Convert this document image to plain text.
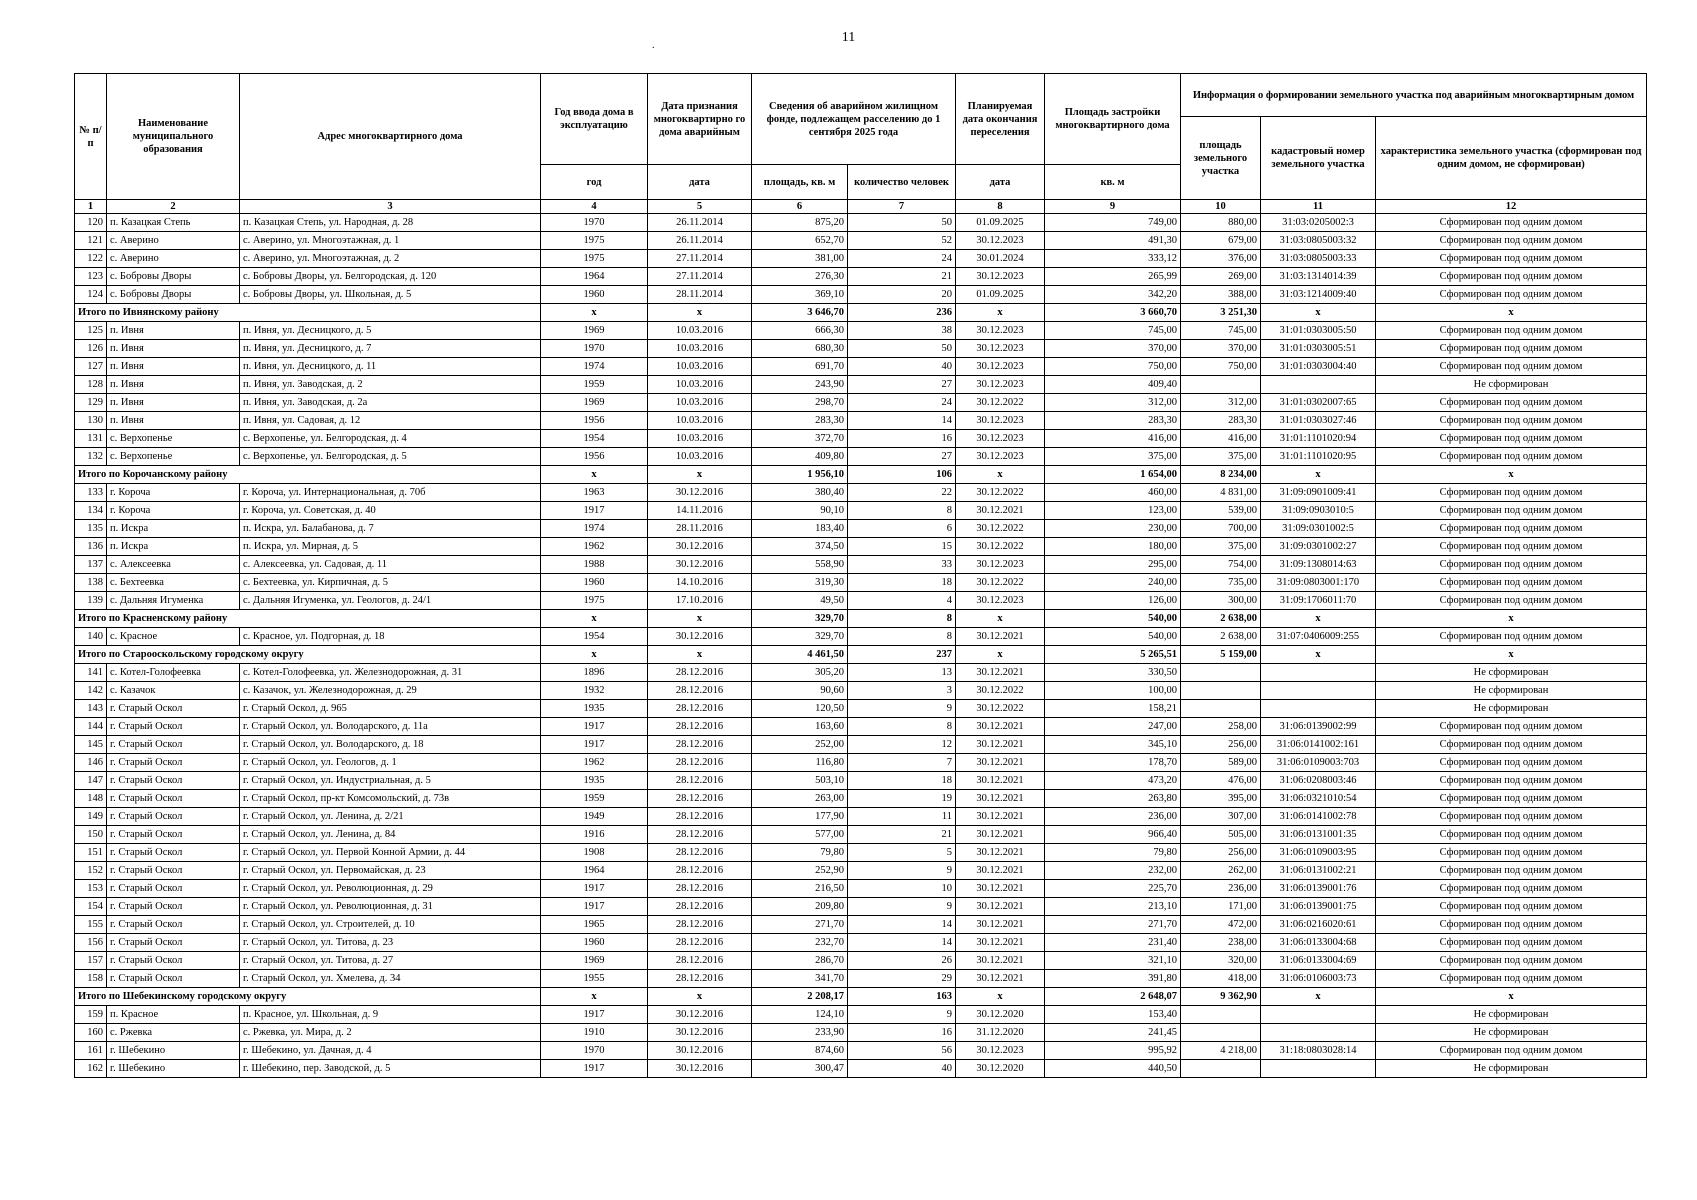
11
.
№ п/п	Наименование муниципального образования	Адрес многоквартирного дома	Год ввода дома в эксплуатацию	Дата признания многоквартирно го дома аварийным	Сведения об аварийном жилищном фонде, подлежащем расселению до 1 сентября 2025 года		Планируемая дата окончания переселения	Площадь застройки многоквартирного дома	Информация о формировании земельного участка под аварийным многоквартирным домом		
									площадь земельного участка	кадастровый номер земельного участка	характеристика земельного участка (сформирован под одним домом, не сформирован)
			год	дата	площадь, кв. м	количество человек	дата	кв. м			
1	2	3	4	5	6	7	8	9	10	11	12
120	п. Казацкая Степь	п. Казацкая Степь, ул. Народная, д. 28	1970	26.11.2014	875,20	50	01.09.2025	749,00	880,00	31:03:0205002:3	Сформирован под одним домом
121	с. Аверино	с. Аверино, ул. Многоэтажная, д. 1	1975	26.11.2014	652,70	52	30.12.2023	491,30	679,00	31:03:0805003:32	Сформирован под одним домом
122	с. Аверино	с. Аверино, ул. Многоэтажная, д. 2	1975	27.11.2014	381,00	24	30.01.2024	333,12	376,00	31:03:0805003:33	Сформирован под одним домом
123	с. Бобровы Дворы	с. Бобровы Дворы, ул. Белгородская, д. 120	1964	27.11.2014	276,30	21	30.12.2023	265,99	269,00	31:03:1314014:39	Сформирован под одним домом
124	с. Бобровы Дворы	с. Бобровы Дворы, ул. Школьная, д. 5	1960	28.11.2014	369,10	20	01.09.2025	342,20	388,00	31:03:1214009:40	Сформирован под одним домом
Итого по Ивнянскому району			x	x	3 646,70	236	x	3 660,70	3 251,30	x	x
125	п. Ивня	п. Ивня, ул. Десницкого, д. 5	1969	10.03.2016	666,30	38	30.12.2023	745,00	745,00	31:01:0303005:50	Сформирован под одним домом
126	п. Ивня	п. Ивня, ул. Десницкого, д. 7	1970	10.03.2016	680,30	50	30.12.2023	370,00	370,00	31:01:0303005:51	Сформирован под одним домом
127	п. Ивня	п. Ивня, ул. Десницкого, д. 11	1974	10.03.2016	691,70	40	30.12.2023	750,00	750,00	31:01:0303004:40	Сформирован под одним домом
128	п. Ивня	п. Ивня, ул. Заводская, д. 2	1959	10.03.2016	243,90	27	30.12.2023	409,40			Не сформирован
129	п. Ивня	п. Ивня, ул. Заводская, д. 2а	1969	10.03.2016	298,70	24	30.12.2022	312,00	312,00	31:01:0302007:65	Сформирован под одним домом
130	п. Ивня	п. Ивня, ул. Садовая, д. 12	1956	10.03.2016	283,30	14	30.12.2023	283,30	283,30	31:01:0303027:46	Сформирован под одним домом
131	с. Верхопенье	с. Верхопенье, ул. Белгородская, д. 4	1954	10.03.2016	372,70	16	30.12.2023	416,00	416,00	31:01:1101020:94	Сформирован под одним домом
132	с. Верхопенье	с. Верхопенье, ул. Белгородская, д. 5	1956	10.03.2016	409,80	27	30.12.2023	375,00	375,00	31:01:1101020:95	Сформирован под одним домом
Итого по Корочанскому району			x	x	1 956,10	106	x	1 654,00	8 234,00	x	x
133	г. Короча	г. Короча, ул. Интернациональная, д. 70б	1963	30.12.2016	380,40	22	30.12.2022	460,00	4 831,00	31:09:0901009:41	Сформирован под одним домом
134	г. Короча	г. Короча, ул. Советская, д. 40	1917	14.11.2016	90,10	8	30.12.2021	123,00	539,00	31:09:0903010:5	Сформирован под одним домом
135	п. Искра	п. Искра, ул. Балабанова, д. 7	1974	28.11.2016	183,40	6	30.12.2022	230,00	700,00	31:09:0301002:5	Сформирован под одним домом
136	п. Искра	п. Искра, ул. Мирная, д. 5	1962	30.12.2016	374,50	15	30.12.2022	180,00	375,00	31:09:0301002:27	Сформирован под одним домом
137	с. Алексеевка	с. Алексеевка, ул. Садовая, д. 11	1988	30.12.2016	558,90	33	30.12.2023	295,00	754,00	31:09:1308014:63	Сформирован под одним домом
138	с. Бехтеевка	с. Бехтеевка, ул. Кирпичная, д. 5	1960	14.10.2016	319,30	18	30.12.2022	240,00	735,00	31:09:0803001:170	Сформирован под одним домом
139	с. Дальняя Игуменка	с. Дальняя Игуменка, ул. Геологов, д. 24/1	1975	17.10.2016	49,50	4	30.12.2023	126,00	300,00	31:09:1706011:70	Сформирован под одним домом
Итого по Красненскому району			x	x	329,70	8	x	540,00	2 638,00	x	x
140	с. Красное	с. Красное, ул. Подгорная, д. 18	1954	30.12.2016	329,70	8	30.12.2021	540,00	2 638,00	31:07:0406009:255	Сформирован под одним домом
Итого по Старооскольскому городскому округу			x	x	4 461,50	237	x	5 265,51	5 159,00	x	x
141	с. Котел-Голофеевка	с. Котел-Голофеевка, ул. Железнодорожная, д. 31	1896	28.12.2016	305,20	13	30.12.2021	330,50			Не сформирован
142	с. Казачок	с. Казачок, ул. Железнодорожная, д. 29	1932	28.12.2016	90,60	3	30.12.2022	100,00			Не сформирован
143	г. Старый Оскол	г. Старый Оскол, д. 965	1935	28.12.2016	120,50	9	30.12.2022	158,21			Не сформирован
144	г. Старый Оскол	г. Старый Оскол, ул. Володарского, д. 11а	1917	28.12.2016	163,60	8	30.12.2021	247,00	258,00	31:06:0139002:99	Сформирован под одним домом
145	г. Старый Оскол	г. Старый Оскол, ул. Володарского, д. 18	1917	28.12.2016	252,00	12	30.12.2021	345,10	256,00	31:06:0141002:161	Сформирован под одним домом
146	г. Старый Оскол	г. Старый Оскол, ул. Геологов, д. 1	1962	28.12.2016	116,80	7	30.12.2021	178,70	589,00	31:06:0109003:703	Сформирован под одним домом
147	г. Старый Оскол	г. Старый Оскол, ул. Индустриальная, д. 5	1935	28.12.2016	503,10	18	30.12.2021	473,20	476,00	31:06:0208003:46	Сформирован под одним домом
148	г. Старый Оскол	г. Старый Оскол, пр-кт Комсомольский, д. 73в	1959	28.12.2016	263,00	19	30.12.2021	263,80	395,00	31:06:0321010:54	Сформирован под одним домом
149	г. Старый Оскол	г. Старый Оскол, ул. Ленина, д. 2/21	1949	28.12.2016	177,90	11	30.12.2021	236,00	307,00	31:06:0141002:78	Сформирован под одним домом
150	г. Старый Оскол	г. Старый Оскол, ул. Ленина, д. 84	1916	28.12.2016	577,00	21	30.12.2021	966,40	505,00	31:06:0131001:35	Сформирован под одним домом
151	г. Старый Оскол	г. Старый Оскол, ул. Первой Конной Армии, д. 44	1908	28.12.2016	79,80	5	30.12.2021	79,80	256,00	31:06:0109003:95	Сформирован под одним домом
152	г. Старый Оскол	г. Старый Оскол, ул. Первомайская, д. 23	1964	28.12.2016	252,90	9	30.12.2021	232,00	262,00	31:06:0131002:21	Сформирован под одним домом
153	г. Старый Оскол	г. Старый Оскол, ул. Революционная, д. 29	1917	28.12.2016	216,50	10	30.12.2021	225,70	236,00	31:06:0139001:76	Сформирован под одним домом
154	г. Старый Оскол	г. Старый Оскол, ул. Революционная, д. 31	1917	28.12.2016	209,80	9	30.12.2021	213,10	171,00	31:06:0139001:75	Сформирован под одним домом
155	г. Старый Оскол	г. Старый Оскол, ул. Строителей, д. 10	1965	28.12.2016	271,70	14	30.12.2021	271,70	472,00	31:06:0216020:61	Сформирован под одним домом
156	г. Старый Оскол	г. Старый Оскол, ул. Титова, д. 23	1960	28.12.2016	232,70	14	30.12.2021	231,40	238,00	31:06:0133004:68	Сформирован под одним домом
157	г. Старый Оскол	г. Старый Оскол, ул. Титова, д. 27	1969	28.12.2016	286,70	26	30.12.2021	321,10	320,00	31:06:0133004:69	Сформирован под одним домом
158	г. Старый Оскол	г. Старый Оскол, ул. Хмелева, д. 34	1955	28.12.2016	341,70	29	30.12.2021	391,80	418,00	31:06:0106003:73	Сформирован под одним домом
Итого по Шебекинскому городскому округу			x	x	2 208,17	163	x	2 648,07	9 362,90	x	x
159	п. Красное	п. Красное, ул. Школьная, д. 9	1917	30.12.2016	124,10	9	30.12.2020	153,40			Не сформирован
160	с. Ржевка	с. Ржевка, ул. Мира, д. 2	1910	30.12.2016	233,90	16	31.12.2020	241,45			Не сформирован
161	г. Шебекино	г. Шебекино, ул. Дачная, д. 4	1970	30.12.2016	874,60	56	30.12.2023	995,92	4 218,00	31:18:0803028:14	Сформирован под одним домом
162	г. Шебекино	г. Шебекино, пер. Заводской, д. 5	1917	30.12.2016	300,47	40	30.12.2020	440,50			Не сформирован
